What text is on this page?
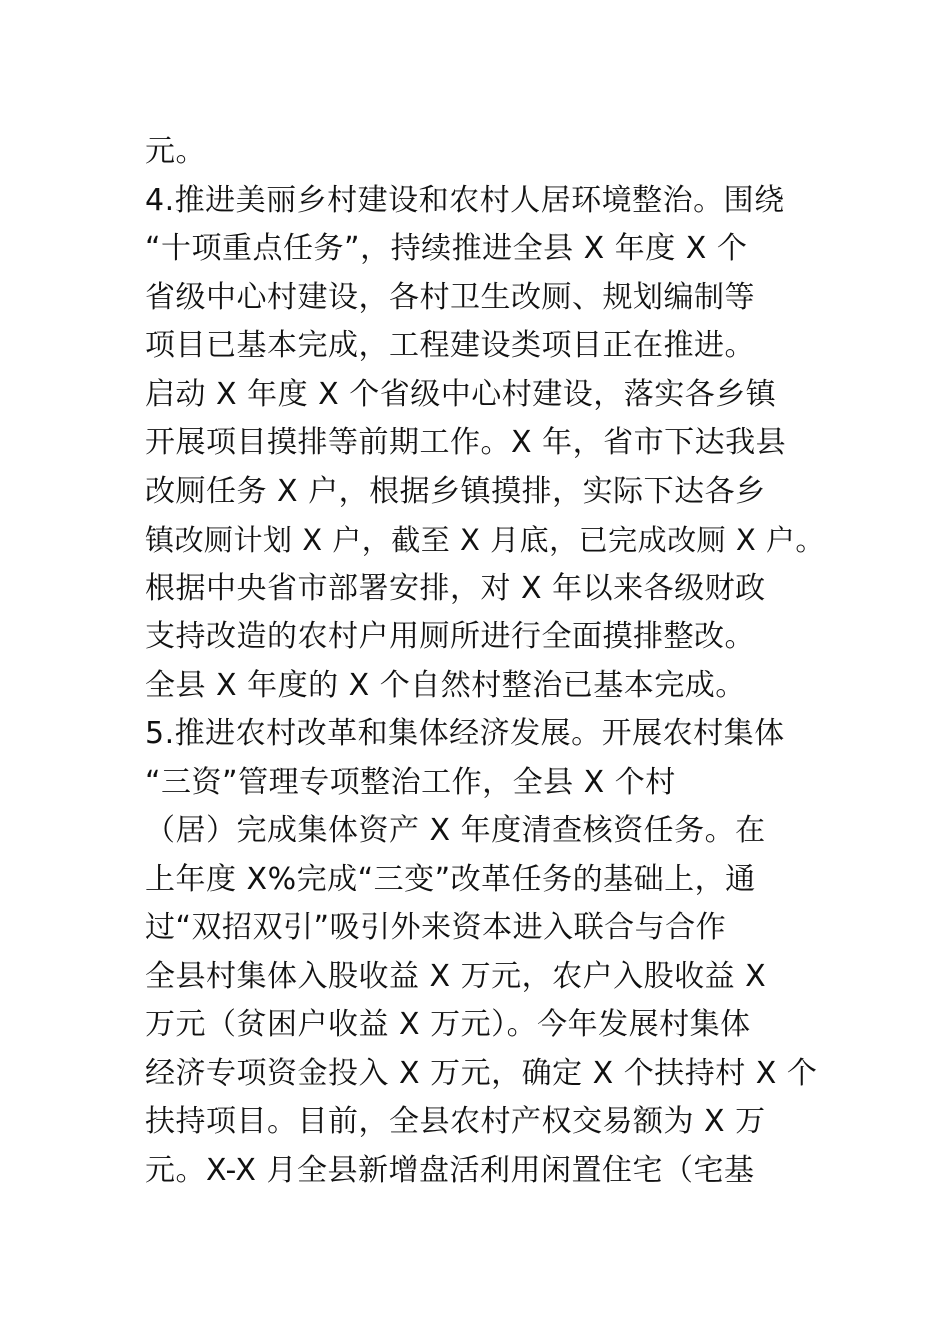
元。
4.推进美丽乡村建设和农村人居环境整治。围绕
“十项重点任务”，持续推进全县 X 年度 X 个
省级中心村建设，各村卫生改厕、规划编制等
项目已基本完成，工程建设类项目正在推进。
启动 X 年度 X 个省级中心村建设，落实各乡镇
开展项目摸排等前期工作。X 年，省市下达我县
改厕任务 X 户，根据乡镇摸排，实际下达各乡
镇改厕计划 X 户，截至 X 月底，已完成改厕 X 户。
根据中央省市部署安排，对 X 年以来各级财政
支持改造的农村户用厕所进行全面摸排整改。
全县 X 年度的 X 个自然村整治已基本完成。
5.推进农村改革和集体经济发展。开展农村集体
“三资”管理专项整治工作，全县 X 个村
（居）完成集体资产 X 年度清查核资任务。在
上年度 X%完成“三变”改革任务的基础上，通
过“双招双引”吸引外来资本进入联合与合作
全县村集体入股收益 X 万元，农户入股收益 X
万元（贫困户收益 X 万元）。今年发展村集体
经济专项资金投入 X 万元，确定 X 个扶持村 X 个
扶持项目。目前，全县农村产权交易额为 X 万
元。X-X 月全县新增盘活利用闲置住宅（宅基
